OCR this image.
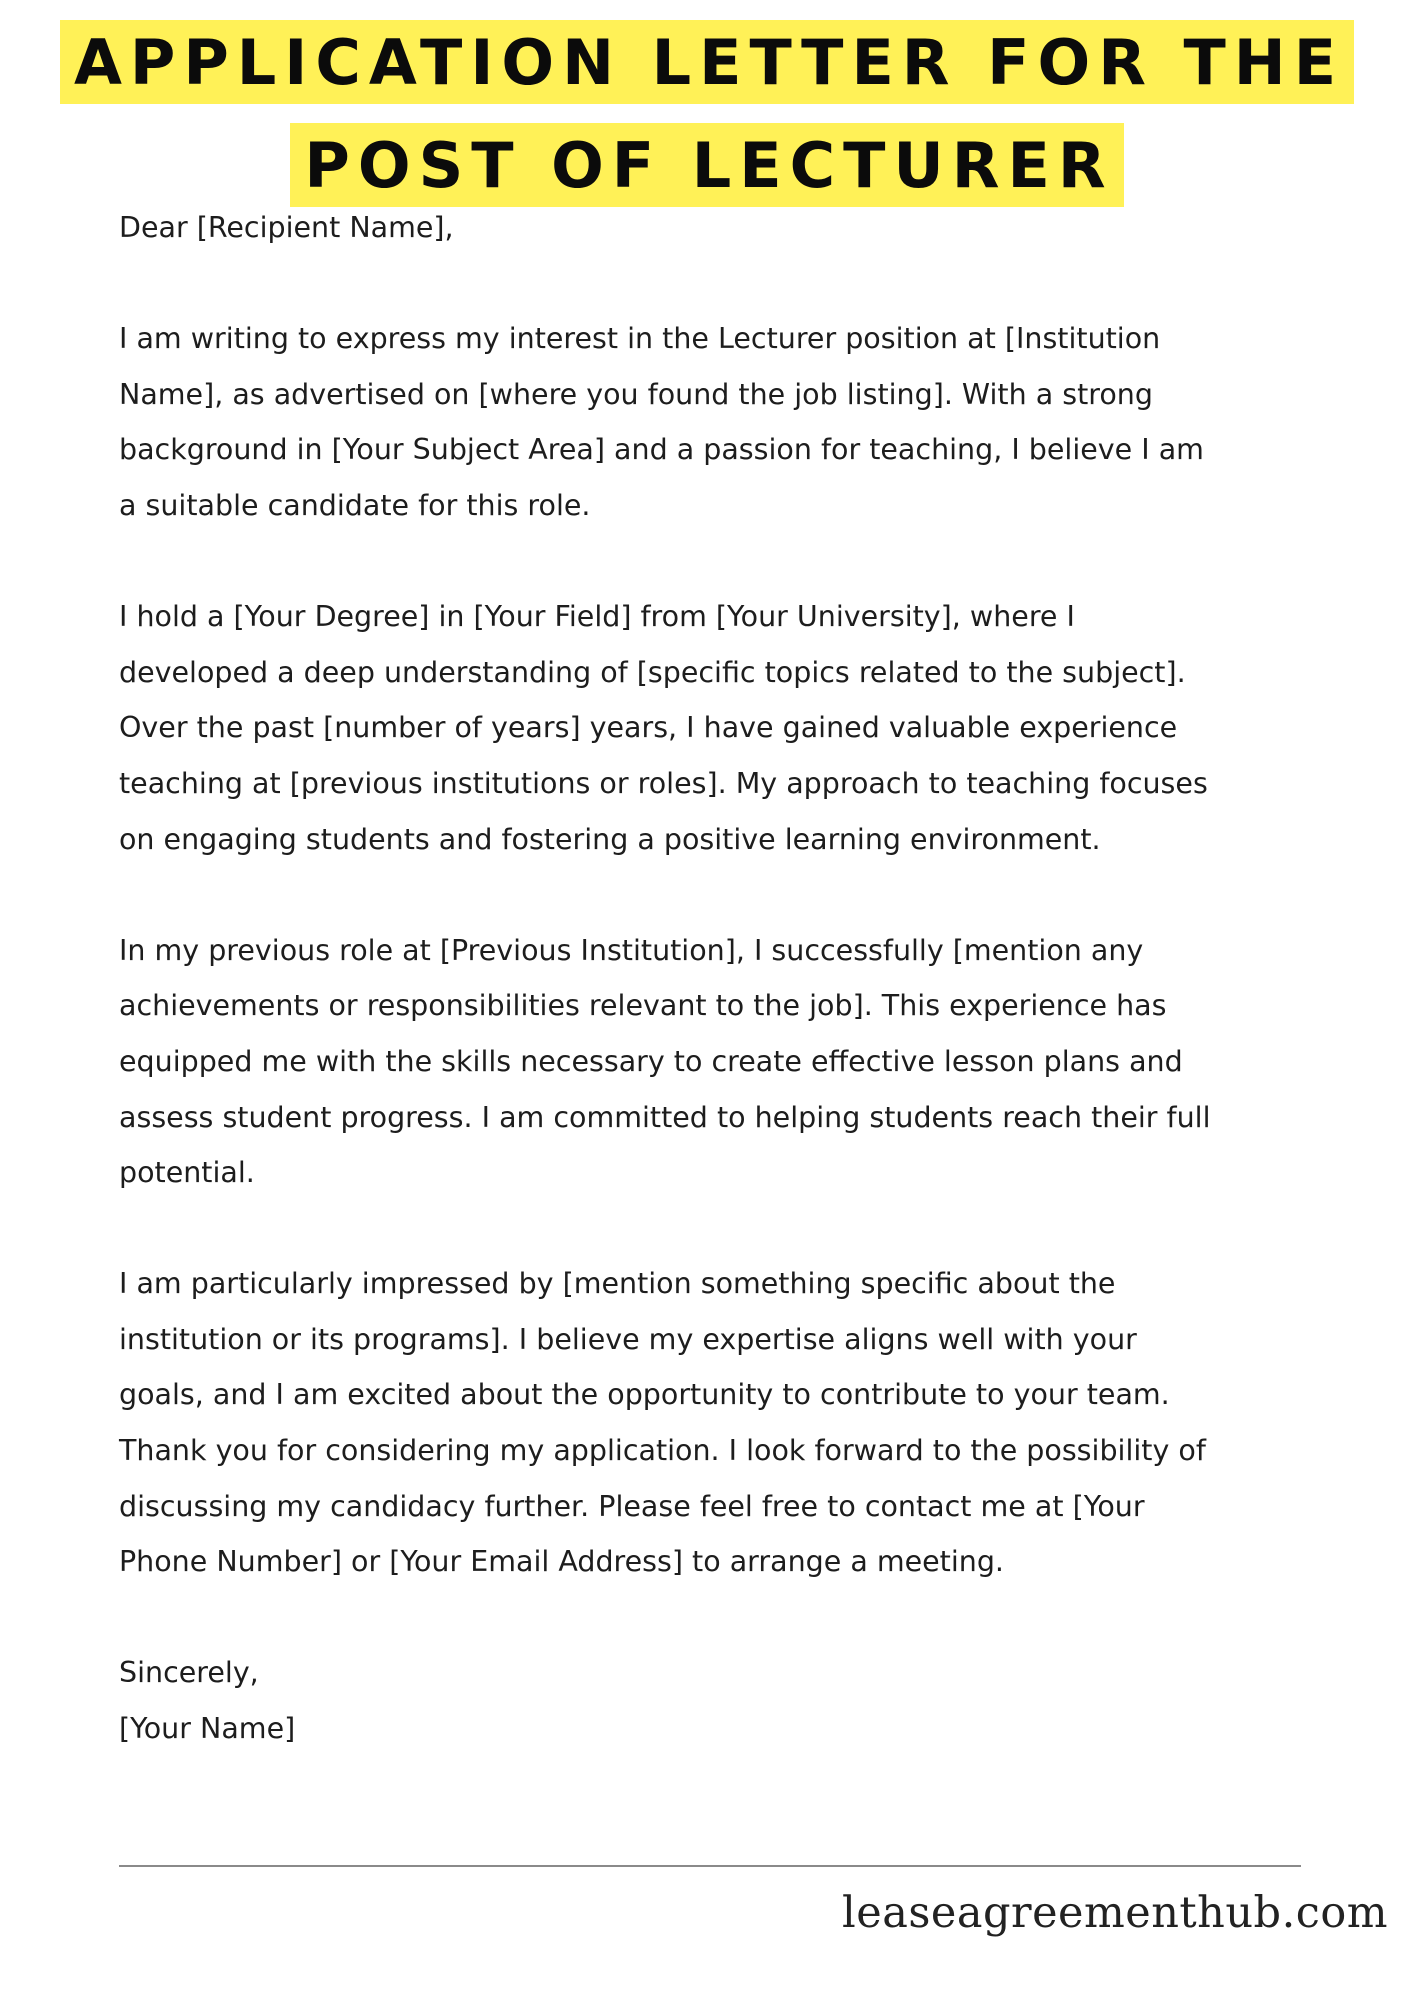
APPLICATION LETTER FOR THE
POST OF LECTURER

Dear [Recipient Name],

I am writing to express my interest in the Lecturer position at [Institution
Name], as advertised on [where you found the job listing]. With a strong
background in [Your Subject Area] and a passion for teaching, I believe I am
a suitable candidate for this role.

I hold a [Your Degree] in [Your Field] from [Your University], where I
developed a deep understanding of [specific topics related to the subject].
Over the past [number of years] years, I have gained valuable experience
teaching at [previous institutions or roles]. My approach to teaching focuses
on engaging students and fostering a positive learning environment.

In my previous role at [Previous Institution], I successfully [mention any
achievements or responsibilities relevant to the job]. This experience has
equipped me with the skills necessary to create effective lesson plans and
assess student progress. I am committed to helping students reach their full
potential.

I am particularly impressed by [mention something specific about the
institution or its programs]. I believe my expertise aligns well with your
goals, and I am excited about the opportunity to contribute to your team.
Thank you for considering my application. I look forward to the possibility of
discussing my candidacy further. Please feel free to contact me at [Your
Phone Number] or [Your Email Address] to arrange a meeting.

Sincerely,

[Your Name]

leaseagreementhub.com
